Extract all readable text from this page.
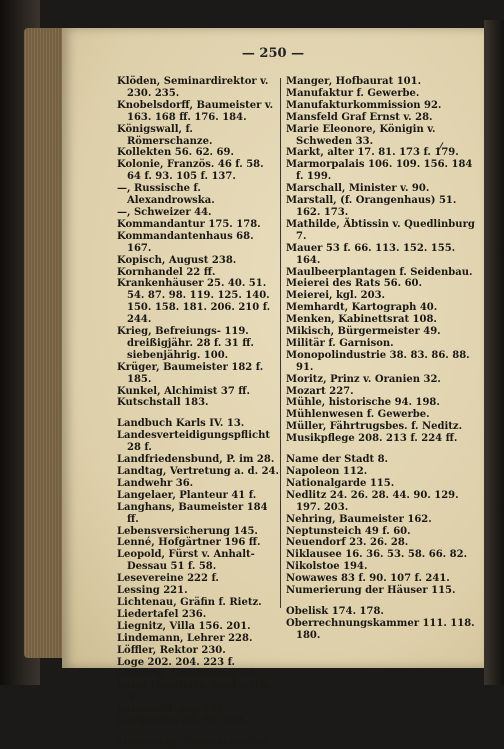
— 250 —
Klöden, Seminardirektor v. 230. 235.
Knobelsdorff, Baumeister v. 163. 168 ff. 176. 184.
Königswall, f. Römerschanze.
Kollekten 56. 62. 69.
Kolonie, Französ. 46 f. 58. 64 f. 93. 105 f. 137.
—, Russische f. Alexandrowska.
—, Schweizer 44.
Kommandantur 175. 178.
Kommandantenhaus 68. 167.
Kopisch, August 238.
Kornhandel 22 ff.
Krankenhäuser 25. 40. 51. 54. 87. 98. 119. 125. 140. 150. 158. 181. 206. 210 f. 244.
Krieg, Befreiungs- 119. dreißigjähr. 28 f. 31 ff. siebenjährig. 100.
Krüger, Baumeister 182 f. 185.
Kunkel, Alchimist 37 ff.
Kutschstall 183.
Landbuch Karls IV. 13.
Landesverteidigungspflicht 28 f.
Landfriedensbund, P. im 28.
Landtag, Vertretung a. d. 24.
Landwehr 36.
Langelaer, Planteur 41 f.
Langhans, Baumeister 184 ff.
Lebensversicherung 145.
Lenné, Hofgärtner 196 ff.
Leopold, Fürst v. Anhalt-Dessau 51 f. 58.
Lesevereine 222 f.
Lessing 221.
Lichtenau, Gräfin f. Rietz.
Liedertafel 236.
Liegnitz, Villa 156. 201.
Lindemann, Lehrer 228.
Löffler, Rektor 230.
Loge 202. 204. 223 f.
Ludewig, Glasmacher 38.
Luise Henriette, Kurfürstin 37.
Luisenstiftung 232.
Lustgarten 40. 51. 164.
Madersteg, Baumeister 50.
Manger, Hofbaurat 101.
Manufaktur f. Gewerbe.
Manufakturkommission 92.
Mansfeld Graf Ernst v. 28.
Marie Eleonore, Königin v. Schweden 33.
Markt, alter 17. 81. 173 f. 179.
Marmorpalais 106. 109. 156. 184 f. 199.
Marschall, Minister v. 90.
Marstall, (f. Orangenhaus) 51. 162. 173.
Mathilde, Äbtissin v. Quedlinburg 7.
Mauer 53 f. 66. 113. 152. 155. 164.
Maulbeerplantagen f. Seidenbau.
Meierei des Rats 56. 60.
Meierei, kgl. 203.
Memhardt, Kartograph 40.
Menken, Kabinettsrat 108.
Mikisch, Bürgermeister 49.
Militär f. Garnison.
Monopolindustrie 38. 83. 86. 88. 91.
Moritz, Prinz v. Oranien 32.
Mozart 227.
Mühle, historische 94. 198.
Mühlenwesen f. Gewerbe.
Müller, Fährtrugsbes. f. Neditz.
Musikpflege 208. 213 f. 224 ff.
Name der Stadt 8.
Napoleon 112.
Nationalgarde 115.
Nedlitz 24. 26. 28. 44. 90. 129. 197. 203.
Nehring, Baumeister 162.
Neptunsteich 49 f. 60.
Neuendorf 23. 26. 28.
Niklausee 16. 36. 53. 58. 66. 82.
Nikolstoe 194.
Nowawes 83 f. 90. 107 f. 241.
Numerierung der Häuser 115.
Obelisk 174. 178.
Oberrechnungskammer 111. 118. 180.
